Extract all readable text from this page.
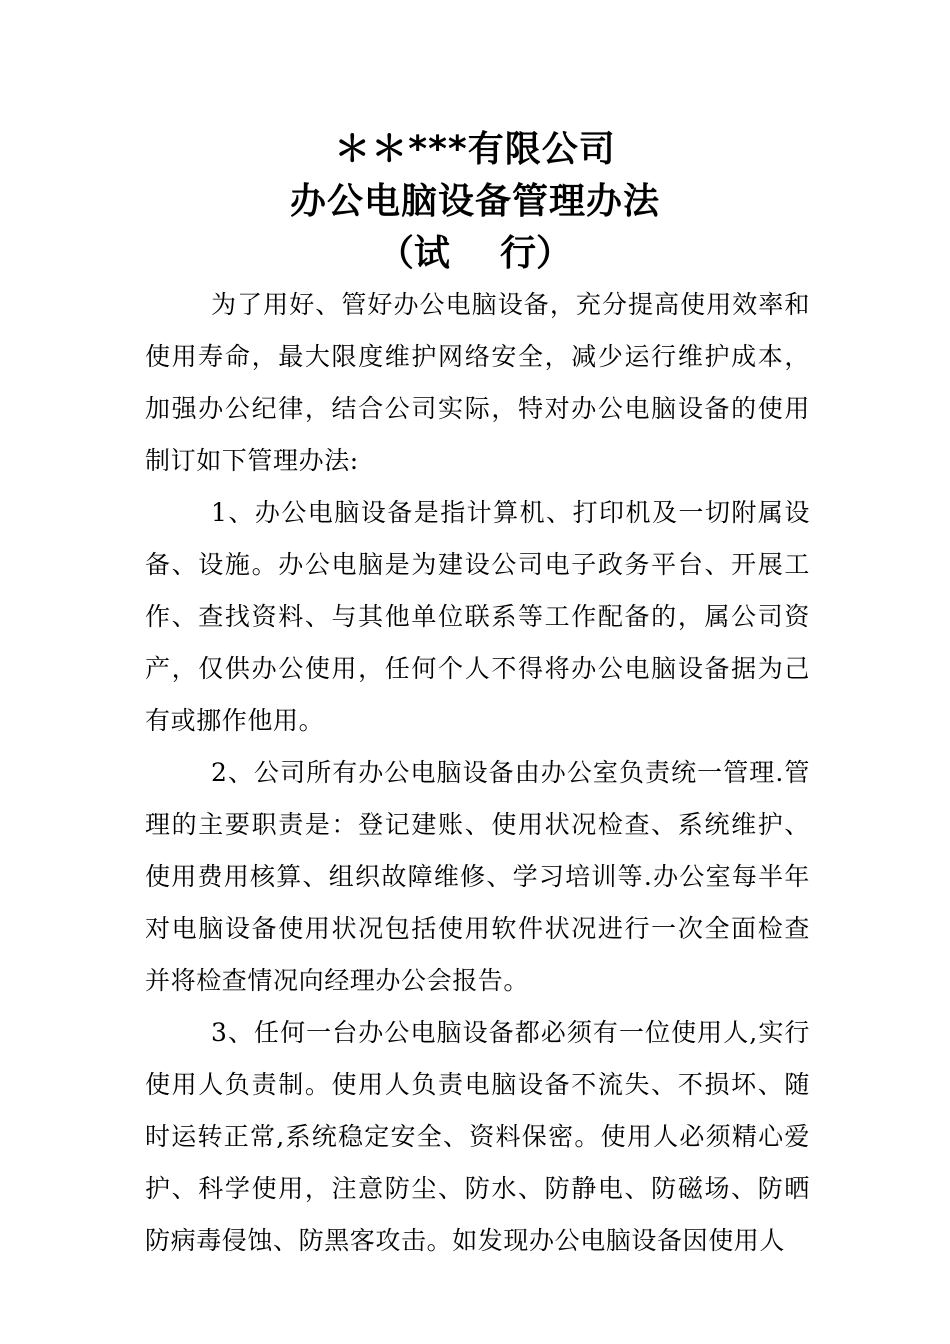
＊＊***有限公司
办公电脑设备管理办法
（试    行）

为了用好、管好办公电脑设备，充分提高使用效率和使用寿命，最大限度维护网络安全，减少运行维护成本，加强办公纪律，结合公司实际，特对办公电脑设备的使用制订如下管理办法:

1、办公电脑设备是指计算机、打印机及一切附属设备、设施。办公电脑是为建设公司电子政务平台、开展工作、查找资料、与其他单位联系等工作配备的，属公司资产，仅供办公使用，任何个人不得将办公电脑设备据为己有或挪作他用。

2、公司所有办公电脑设备由办公室负责统一管理.管理的主要职责是：登记建账、使用状况检查、系统维护、使用费用核算、组织故障维修、学习培训等.办公室每半年对电脑设备使用状况包括使用软件状况进行一次全面检查并将检查情况向经理办公会报告。

3、任何一台办公电脑设备都必须有一位使用人,实行使用人负责制。使用人负责电脑设备不流失、不损坏、随时运转正常,系统稳定安全、资料保密。使用人必须精心爱护、科学使用，注意防尘、防水、防静电、防磁场、防晒防病毒侵蚀、防黑客攻击。如发现办公电脑设备因使用人
